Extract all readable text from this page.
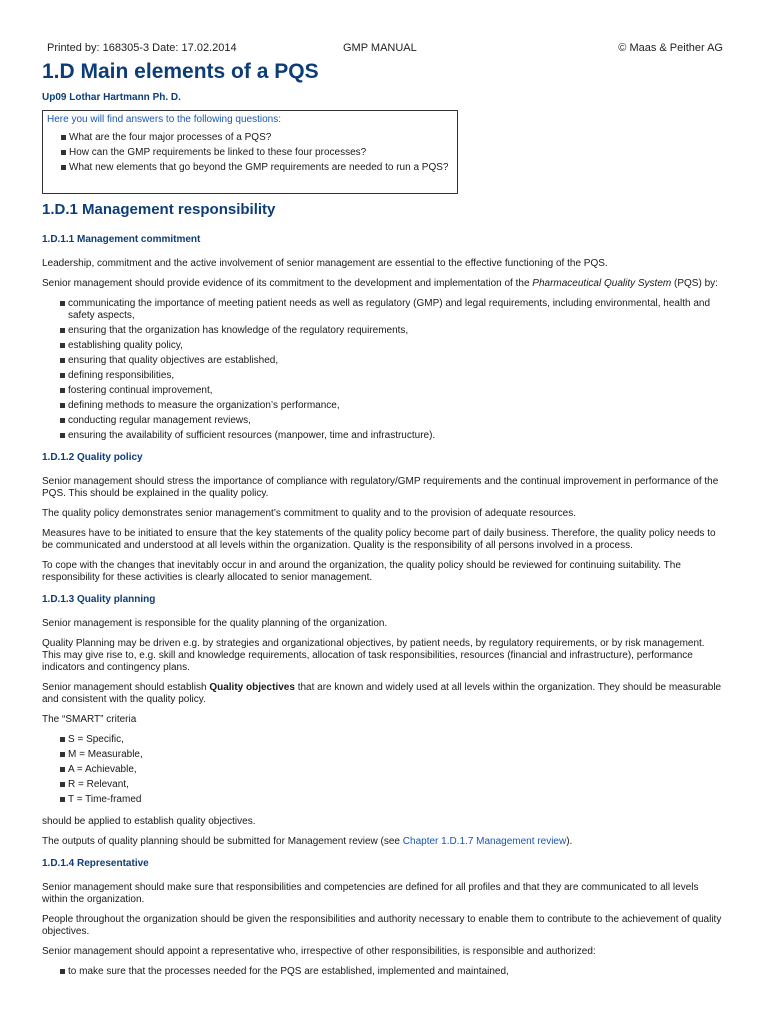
Printed by: 168305-3 Date: 17.02.2014	GMP MANUAL	© Maas & Peither AG
1.D Main elements of a PQS
Up09 Lothar Hartmann Ph. D.

Here you will find answers to the following questions:

What are the four major processes of a PQS?
How can the GMP requirements be linked to these four processes?
What new elements that go beyond the GMP requirements are needed to run a PQS?
1.D.1 Management responsibility
1.D.1.1 Management commitment

Leadership, commitment and the active involvement of senior management are essential to the effective functioning of the PQS.

Senior management should provide evidence of its commitment to the development and implementation of the Pharmaceutical Quality System (PQS) by:

communicating the importance of meeting patient needs as well as regulatory (GMP) and legal requirements, including environmental, health and safety aspects,
ensuring that the organization has knowledge of the regulatory requirements,
establishing quality policy,
ensuring that quality objectives are established,
defining responsibilities,
fostering continual improvement,
defining methods to measure the organization’s performance,
conducting regular management reviews,
ensuring the availability of sufficient resources (manpower, time and infrastructure).
1.D.1.2 Quality policy

Senior management should stress the importance of compliance with regulatory/GMP requirements and the continual improvement in performance of the PQS. This should be explained in the quality policy.

The quality policy demonstrates senior management’s commitment to quality and to the provision of adequate resources.

Measures have to be initiated to ensure that the key statements of the quality policy become part of daily business. Therefore, the quality policy needs to be communicated and understood at all levels within the organization. Quality is the responsibility of all persons involved in a process.

To cope with the changes that inevitably occur in and around the organization, the quality policy should be reviewed for continuing suitability. The responsibility for these activities is clearly allocated to senior management.

1.D.1.3 Quality planning

Senior management is responsible for the quality planning of the organization.

Quality Planning may be driven e.g. by strategies and organizational objectives, by patient needs, by regulatory requirements, or by risk management. This may give rise to, e.g. skill and knowledge requirements, allocation of task responsibilities, resources (financial and infrastructure), performance indicators and contingency plans.

Senior management should establish Quality objectives that are known and widely used at all levels within the organization. They should be measurable and consistent with the quality policy.

The “SMART” criteria

S = Specific,
M = Measurable,
A = Achievable,
R = Relevant,
T = Time-framed

should be applied to establish quality objectives.

The outputs of quality planning should be submitted for Management review (see Chapter 1.D.1.7 Management review).

1.D.1.4 Representative

Senior management should make sure that responsibilities and competencies are defined for all profiles and that they are communicated to all levels within the organization.

People throughout the organization should be given the responsibilities and authority necessary to enable them to contribute to the achievement of quality objectives.

Senior management should appoint a representative who, irrespective of other responsibilities, is responsible and authorized:

to make sure that the processes needed for the PQS are established, implemented and maintained,
